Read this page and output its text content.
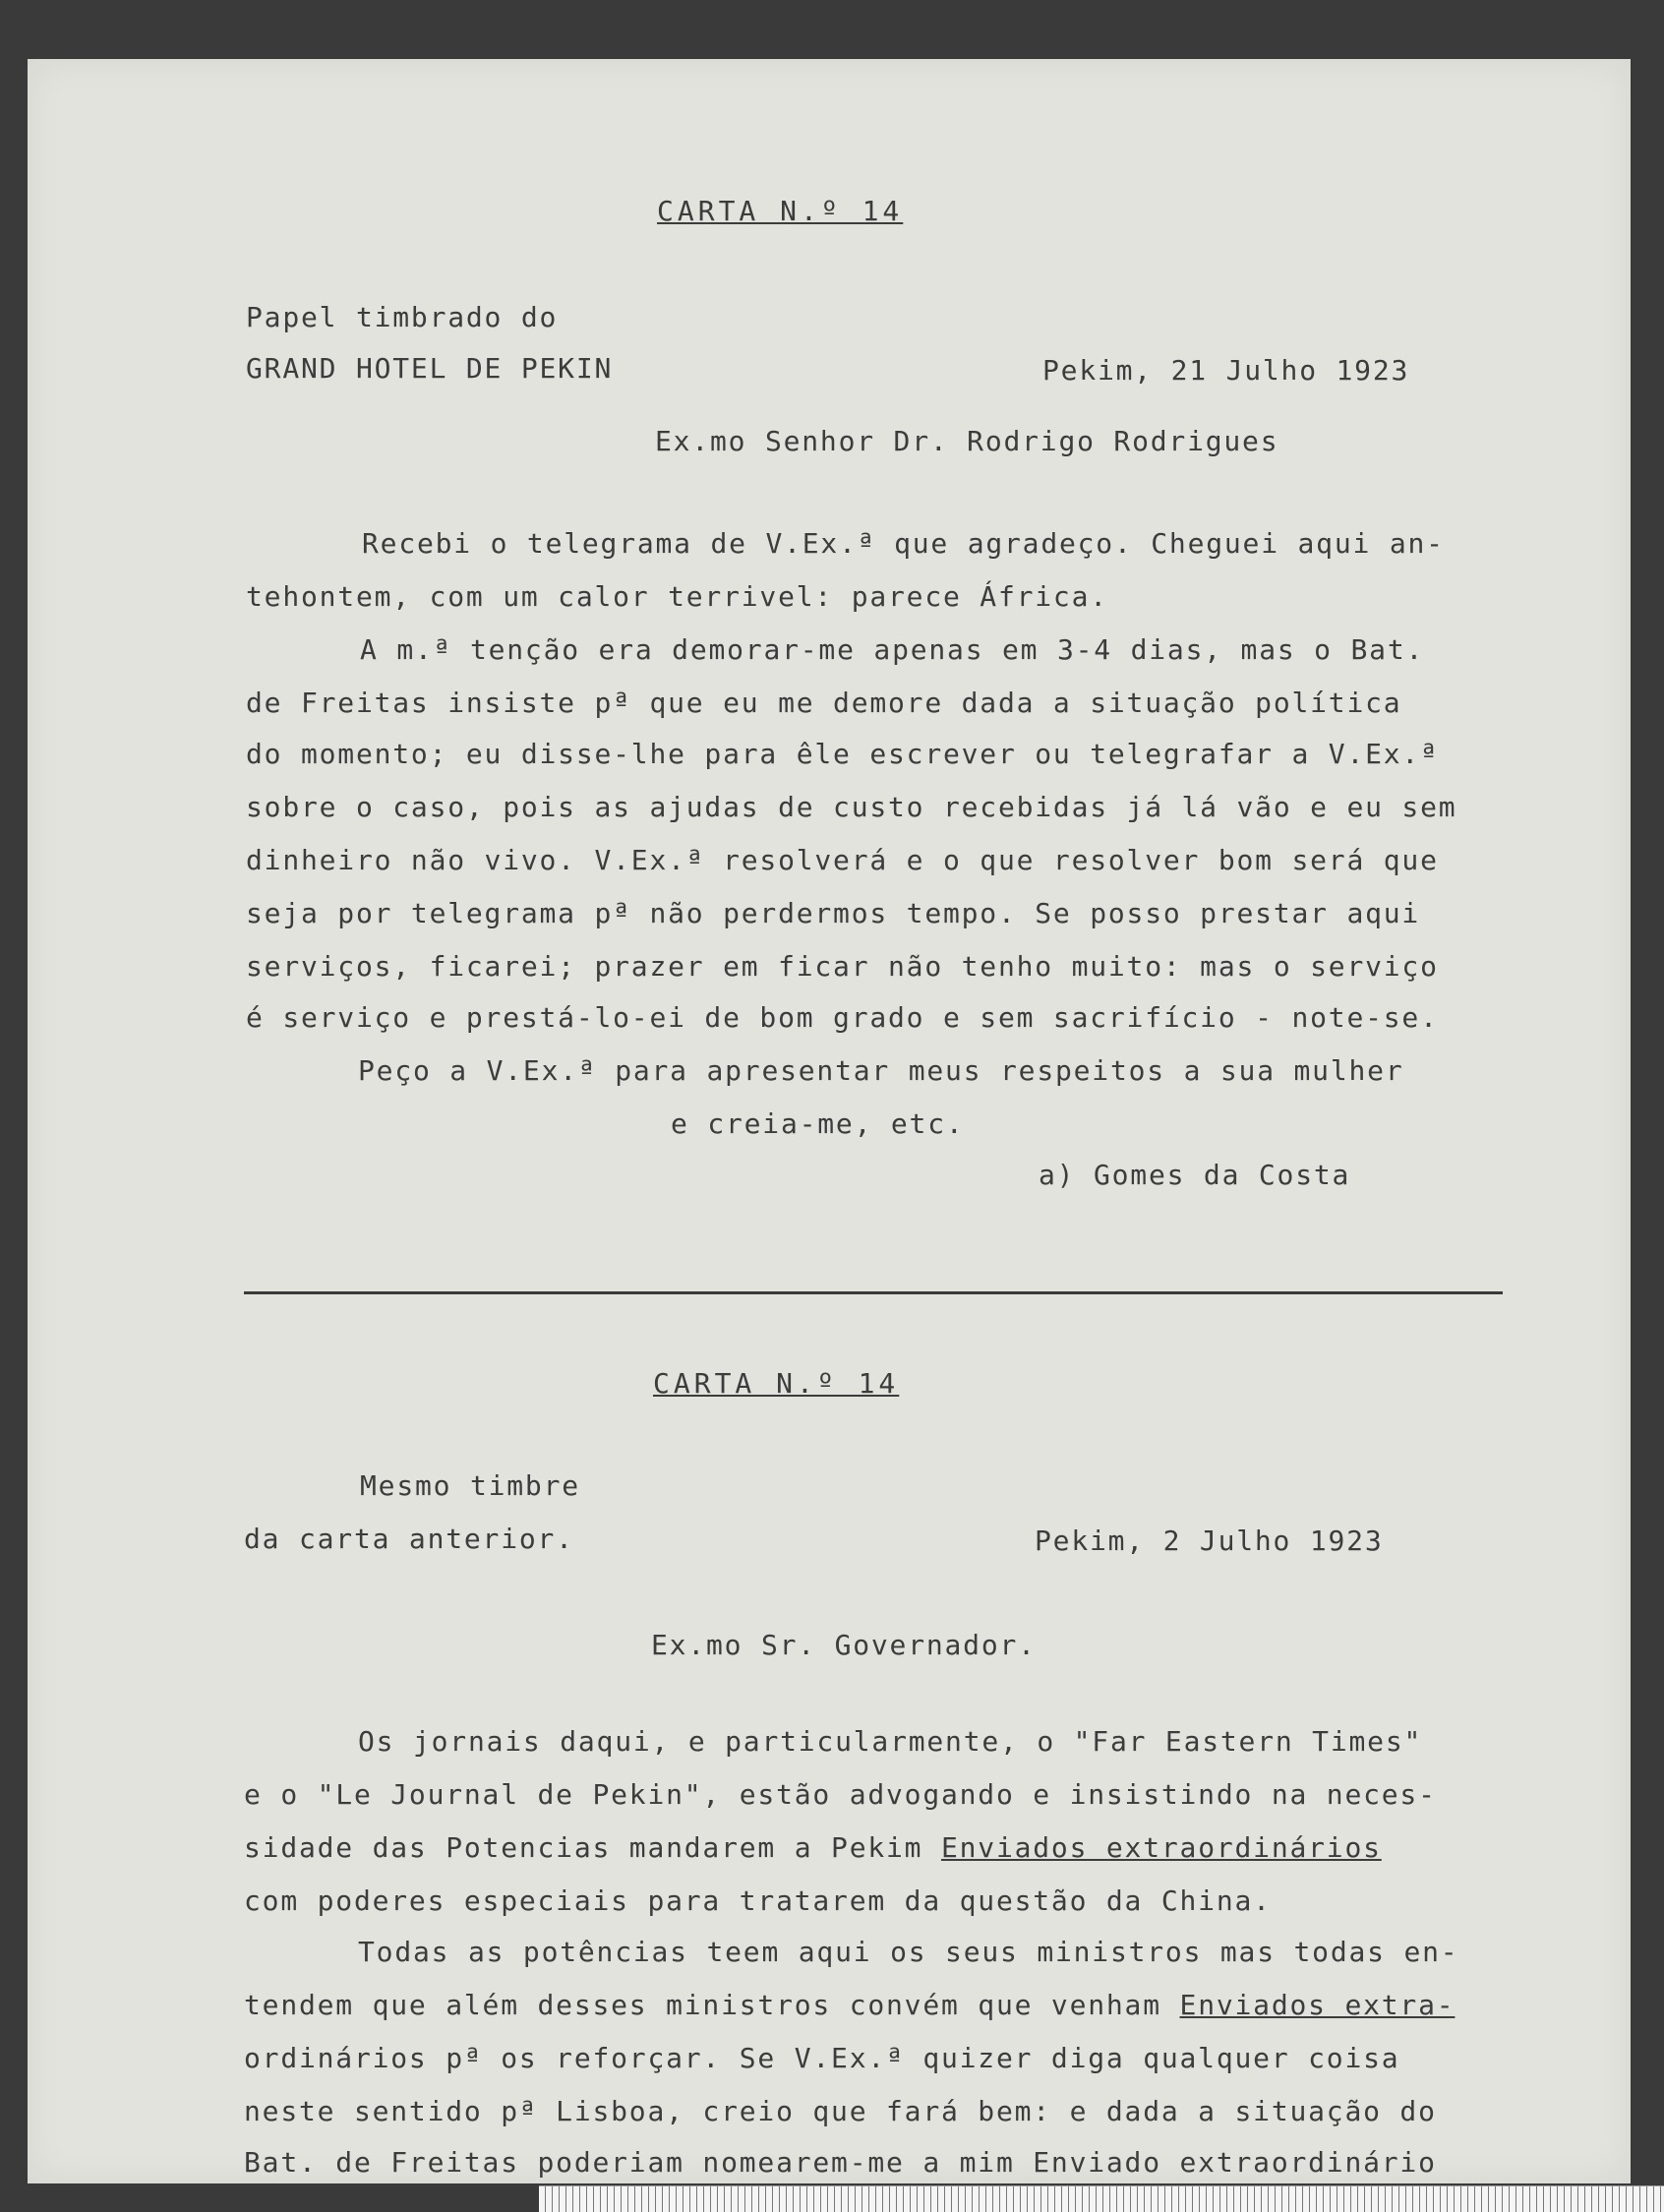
CARTA N.º 14
Papel timbrado do
GRAND HOTEL DE PEKIN	Pekim, 21 Julho 1923
Ex.mo Senhor Dr. Rodrigo Rodrigues
Recebi o telegrama de V.Ex.ª que agradeço. Cheguei aqui an-
tehontem, com um calor terrivel: parece África.
A m.ª tenção era demorar-me apenas em 3-4 dias, mas o Bat.
de Freitas insiste pª que eu me demore dada a situação política
do momento; eu disse-lhe para êle escrever ou telegrafar a V.Ex.ª
sobre o caso, pois as ajudas de custo recebidas já lá vão e eu sem
dinheiro não vivo. V.Ex.ª resolverá e o que resolver bom será que
seja por telegrama pª não perdermos tempo. Se posso prestar aqui
serviços, ficarei; prazer em ficar não tenho muito: mas o serviço
é serviço e prestá-lo-ei de bom grado e sem sacrifício - note-se.
Peço a V.Ex.ª para apresentar meus respeitos a sua mulher
e creia-me, etc.
a) Gomes da Costa
CARTA N.º 14
Mesmo timbre
da carta anterior.	Pekim, 2 Julho 1923
Ex.mo Sr. Governador.
Os jornais daqui, e particularmente, o "Far Eastern Times"
e o "Le Journal de Pekin", estão advogando e insistindo na neces-
sidade das Potencias mandarem a Pekim Enviados extraordinários
com poderes especiais para tratarem da questão da China.
Todas as potências teem aqui os seus ministros mas todas en-
tendem que além desses ministros convém que venham Enviados extra-
ordinários pª os reforçar. Se V.Ex.ª quizer diga qualquer coisa
neste sentido pª Lisboa, creio que fará bem: e dada a situação do
Bat. de Freitas poderiam nomearem-me a mim Enviado extraordinário
